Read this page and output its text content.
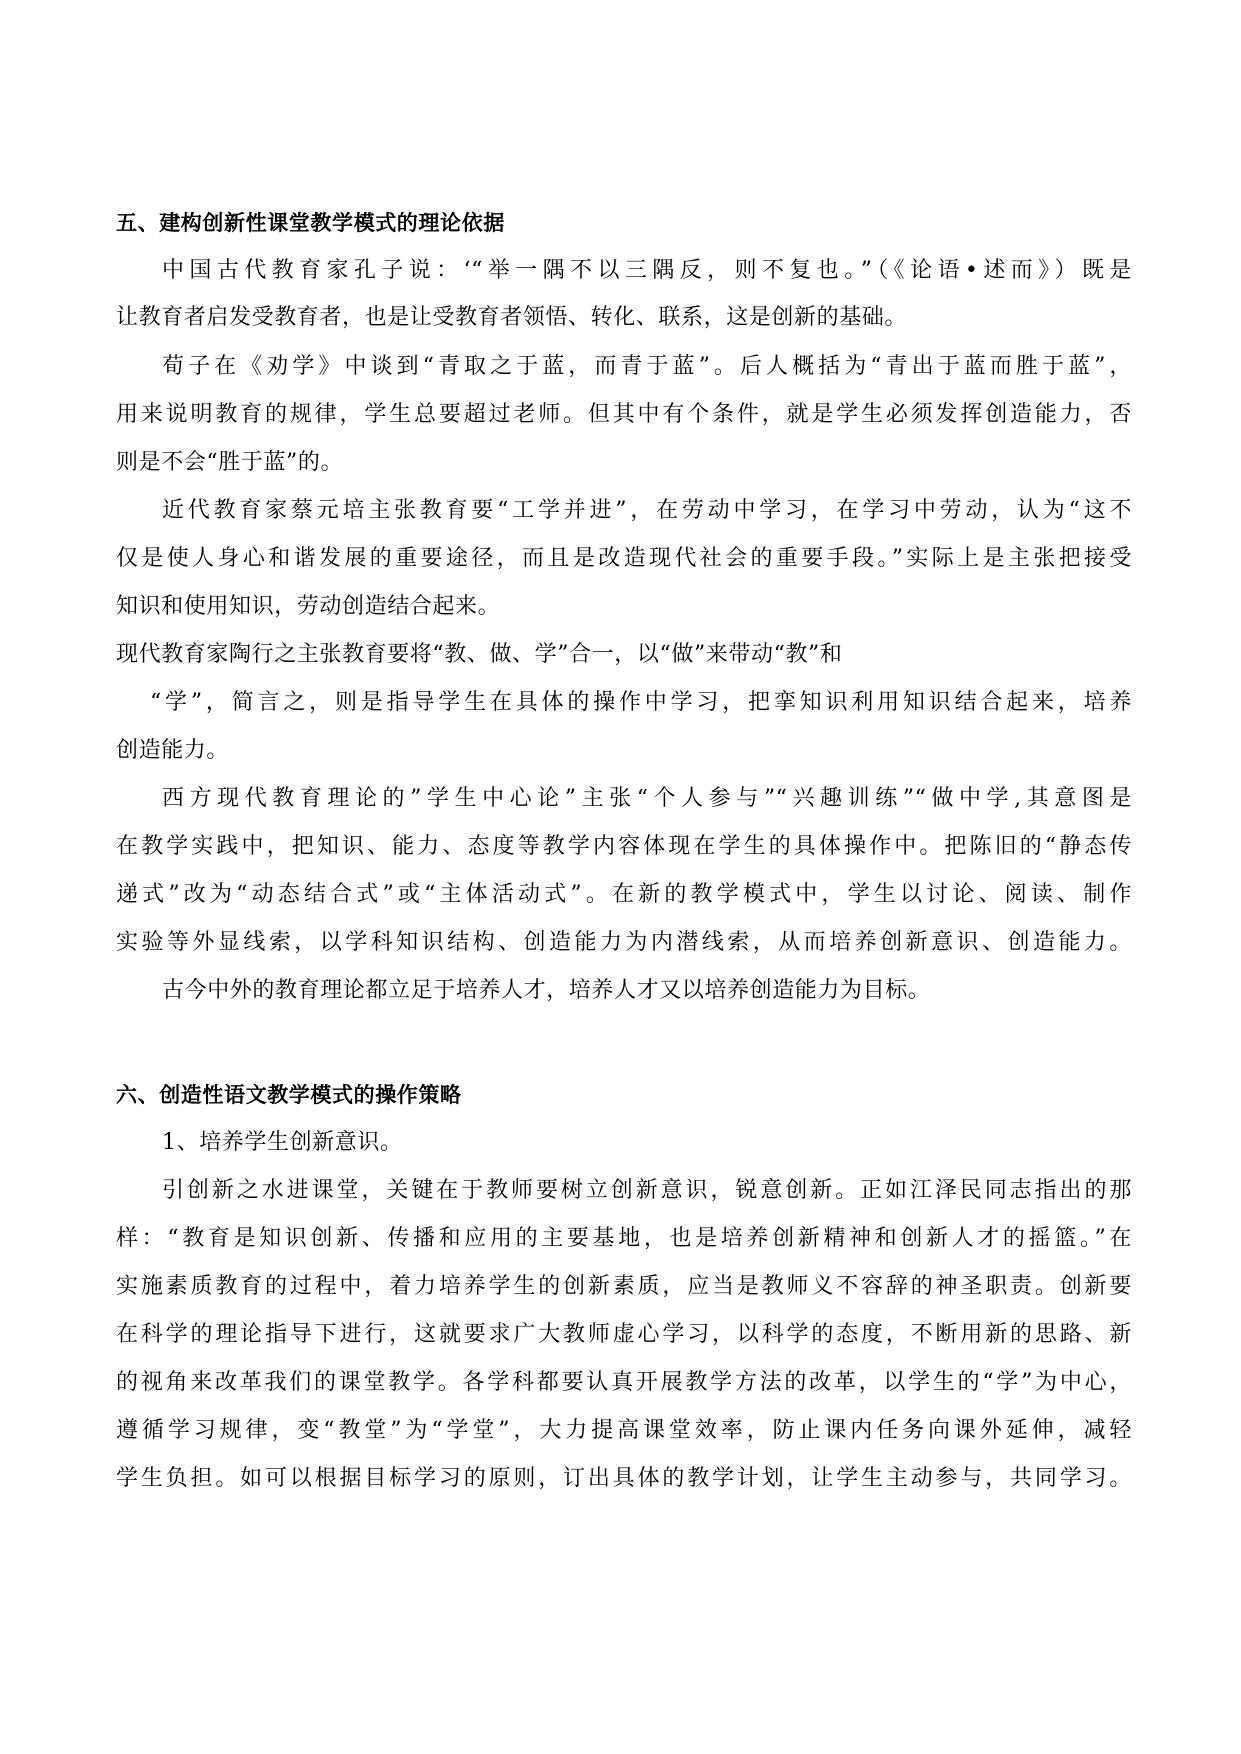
五、建构创新性课堂教学模式的理论依据

中国古代教育家孔子说：‘“举一隅不以三隅反，则不复也。”（《论语•述而》）既是

让教育者启发受教育者，也是让受教育者领悟、转化、联系，这是创新的基础。

荀子在《劝学》中谈到“青取之于蓝，而青于蓝”。后人概括为“青出于蓝而胜于蓝”，

用来说明教育的规律，学生总要超过老师。但其中有个条件，就是学生必须发挥创造能力，否

则是不会“胜于蓝”的。

近代教育家蔡元培主张教育要“工学并进”，在劳动中学习，在学习中劳动，认为“这不

仅是使人身心和谐发展的重要途径，而且是改造现代社会的重要手段。”实际上是主张把接受

知识和使用知识，劳动创造结合起来。

现代教育家陶行之主张教育要将“教、做、学”合一，以“做”来带动“教”和

“学”，简言之，则是指导学生在具体的操作中学习，把挛知识利用知识结合起来，培养

创造能力。

西方现代教育理论的”学生中心论”主张“个人参与”“兴趣训练”“做中学,其意图是

在教学实践中，把知识、能力、态度等教学内容体现在学生的具体操作中。把陈旧的“静态传

递式”改为“动态结合式”或“主体活动式”。在新的教学模式中，学生以讨论、阅读、制作

实验等外显线索，以学科知识结构、创造能力为内潜线索，从而培养创新意识、创造能力。

古今中外的教育理论都立足于培养人才，培养人才又以培养创造能力为目标。

六、创造性语文教学模式的操作策略

1、培养学生创新意识。

引创新之水进课堂，关键在于教师要树立创新意识，锐意创新。正如江泽民同志指出的那

样：“教育是知识创新、传播和应用的主要基地，也是培养创新精神和创新人才的摇篮。”在

实施素质教育的过程中，着力培养学生的创新素质，应当是教师义不容辞的神圣职责。创新要

在科学的理论指导下进行，这就要求广大教师虚心学习，以科学的态度，不断用新的思路、新

的视角来改革我们的课堂教学。各学科都要认真开展教学方法的改革，以学生的“学”为中心，

遵循学习规律，变“教堂”为“学堂”，大力提高课堂效率，防止课内任务向课外延伸，减轻

学生负担。如可以根据目标学习的原则，订出具体的教学计划，让学生主动参与，共同学习。
